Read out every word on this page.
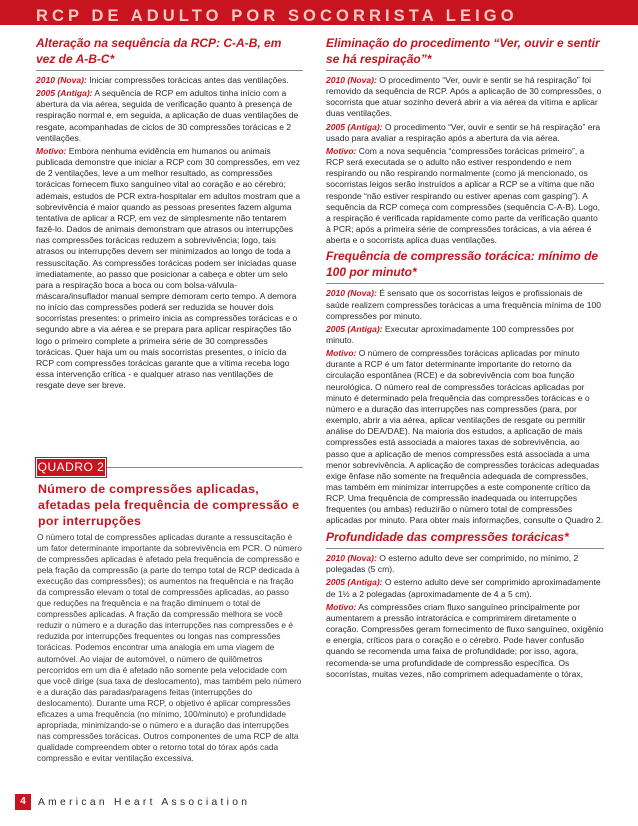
RCP DE ADULTO POR SOCORRISTA LEIGO
Alteração na sequência da RCP: C-A-B, em vez de A-B-C*

2010 (Nova): Iniciar compressões torácicas antes das ventilações.

2005 (Antiga): A sequência de RCP em adultos tinha início com a abertura da via aérea, seguida de verificação quanto à presença de respiração normal e, em seguida, a aplicação de duas ventilações de resgate, acompanhadas de ciclos de 30 compressões torácicas e 2 ventilações.

Motivo: Embora nenhuma evidência em humanos ou animais publicada demonstre que iniciar a RCP com 30 compressões, em vez de 2 ventilações, leve a um melhor resultado, as compressões torácicas fornecem fluxo sanguíneo vital ao coração e ao cérebro; ademais, estudos de PCR extra-hospitalar em adultos mostram que a sobrevivência é maior quando as pessoas presentes fazem alguma tentativa de aplicar a RCP, em vez de simplesmente não tentarem fazê-lo. Dados de animais demonstram que atrasos ou interrupções nas compressões torácicas reduzem a sobrevivência; logo, tais atrasos ou interrupções devem ser minimizados ao longo de toda a ressuscitação. As compressões torácicas podem ser iniciadas quase imediatamente, ao passo que posicionar a cabeça e obter um selo para a respiração boca a boca ou com bolsa-válvula-máscara/insuflador manual sempre demoram certo tempo. A demora no início das compressões poderá ser reduzida se houver dois socorristas presentes: o primeiro inicia as compressões torácicas e o segundo abre a via aérea e se prepara para aplicar respirações tão logo o primeiro complete a primeira série de 30 compressões torácicas. Quer haja um ou mais socorristas presentes, o início da RCP com compressões torácicas garante que a vítima receba logo essa intervenção crítica - e qualquer atraso nas ventilações de resgate deve ser breve.

QUADRO 2
Número de compressões aplicadas, afetadas pela frequência de compressão e por interrupções
O número total de compressões aplicadas durante a ressuscitação é um fator determinante importante da sobrevivência em PCR. O número de compressões aplicadas é afetado pela frequência de compressão e pela fração da compressão (a parte do tempo total de RCP dedicada à execução das compressões); os aumentos na frequência e na fração da compressão elevam o total de compressões aplicadas, ao passo que reduções na frequência e na fração diminuem o total de compressões aplicadas. A fração da compressão melhora se você reduzir o número e a duração das interrupções nas compressões e é reduzida por interrupções frequentes ou longas nas compressões torácicas. Podemos encontrar uma analogia em uma viagem de automóvel. Ao viajar de automóvel, o número de quilômetros percorridos em um dia é afetado não somente pela velocidade com que você dirige (sua taxa de deslocamento), mas também pelo número e a duração das paradas/paragens feitas (interrupções do deslocamento). Durante uma RCP, o objetivo é aplicar compressões eficazes a uma frequência (no mínimo, 100/minuto) e profundidade apropriada, minimizando-se o número e a duração das interrupções nas compressões torácicas. Outros componentes de uma RCP de alta qualidade compreendem obter o retorno total do tórax após cada compressão e evitar ventilação excessiva.
Eliminação do procedimento “Ver, ouvir e sentir se há respiração”*

2010 (Nova): O procedimento “Ver, ouvir e sentir se há respiração” foi removido da sequência de RCP. Após a aplicação de 30 compressões, o socorrista que atuar sozinho deverá abrir a via aérea da vítima e aplicar duas ventilações.

2005 (Antiga): O procedimento “Ver, ouvir e sentir se há respiração” era usado para avaliar a respiração após a abertura da via aérea.

Motivo: Com a nova sequência “compressões torácicas primeiro”, a RCP será executada se o adulto não estiver respondendo e nem respirando ou não respirando normalmente (como já mencionado, os socorristas leigos serão instruídos a aplicar a RCP se a vítima que não responde “não estiver respirando ou estiver apenas com gasping”). A sequência da RCP começa com compressões (sequência C-A-B). Logo, a respiração é verificada rapidamente como parte da verificação quanto à PCR; após a primeira série de compressões torácicas, a via aérea é aberta e o socorrista aplica duas ventilações.

Frequência de compressão torácica: mínimo de 100 por minuto*

2010 (Nova): É sensato que os socorristas leigos e profissionais de saúde realizem compressões torácicas a uma frequência mínima de 100 compressões por minuto.

2005 (Antiga): Executar aproximadamente 100 compressões por minuto.

Motivo: O número de compressões torácicas aplicadas por minuto durante a RCP é um fator determinante importante do retorno da circulação espontânea (RCE) e da sobrevivência com boa função neurológica. O número real de compressões torácicas aplicadas por minuto é determinado pela frequência das compressões torácicas e o número e a duração das interrupções nas compressões (para, por exemplo, abrir a via aérea, aplicar ventilações de resgate ou permitir análise do DEA/DAE). Na maioria dos estudos, a aplicação de mais compressões está associada a maiores taxas de sobrevivência, ao passo que a aplicação de menos compressões está associada a uma menor sobrevivência. A aplicação de compressões torácicas adequadas exige ênfase não somente na frequência adequada de compressões, mas também em minimizar interrupções a este componente crítico da RCP. Uma frequência de compressão inadequada ou interrupções frequentes (ou ambas) reduzirão o número total de compressões aplicadas por minuto. Para obter mais informações, consulte o Quadro 2.

Profundidade das compressões torácicas*

2010 (Nova): O esterno adulto deve ser comprimido, no mínimo, 2 polegadas (5 cm).

2005 (Antiga): O esterno adulto deve ser comprimido aproximadamente de 1½ a 2 polegadas (aproximadamente de 4 a 5 cm).

Motivo: As compressões criam fluxo sanguíneo principalmente por aumentarem a pressão intratorácica e comprimirem diretamente o coração. Compressões geram fornecimento de fluxo sanguíneo, oxigênio e energia, críticos para o coração e o cérebro. Pode haver confusão quando se recomenda uma faixa de profundidade; por isso, agora, recomenda-se uma profundidade de compressão específica. Os socorristas, muitas vezes, não comprimem adequadamente o tórax,

4	American Heart Association
